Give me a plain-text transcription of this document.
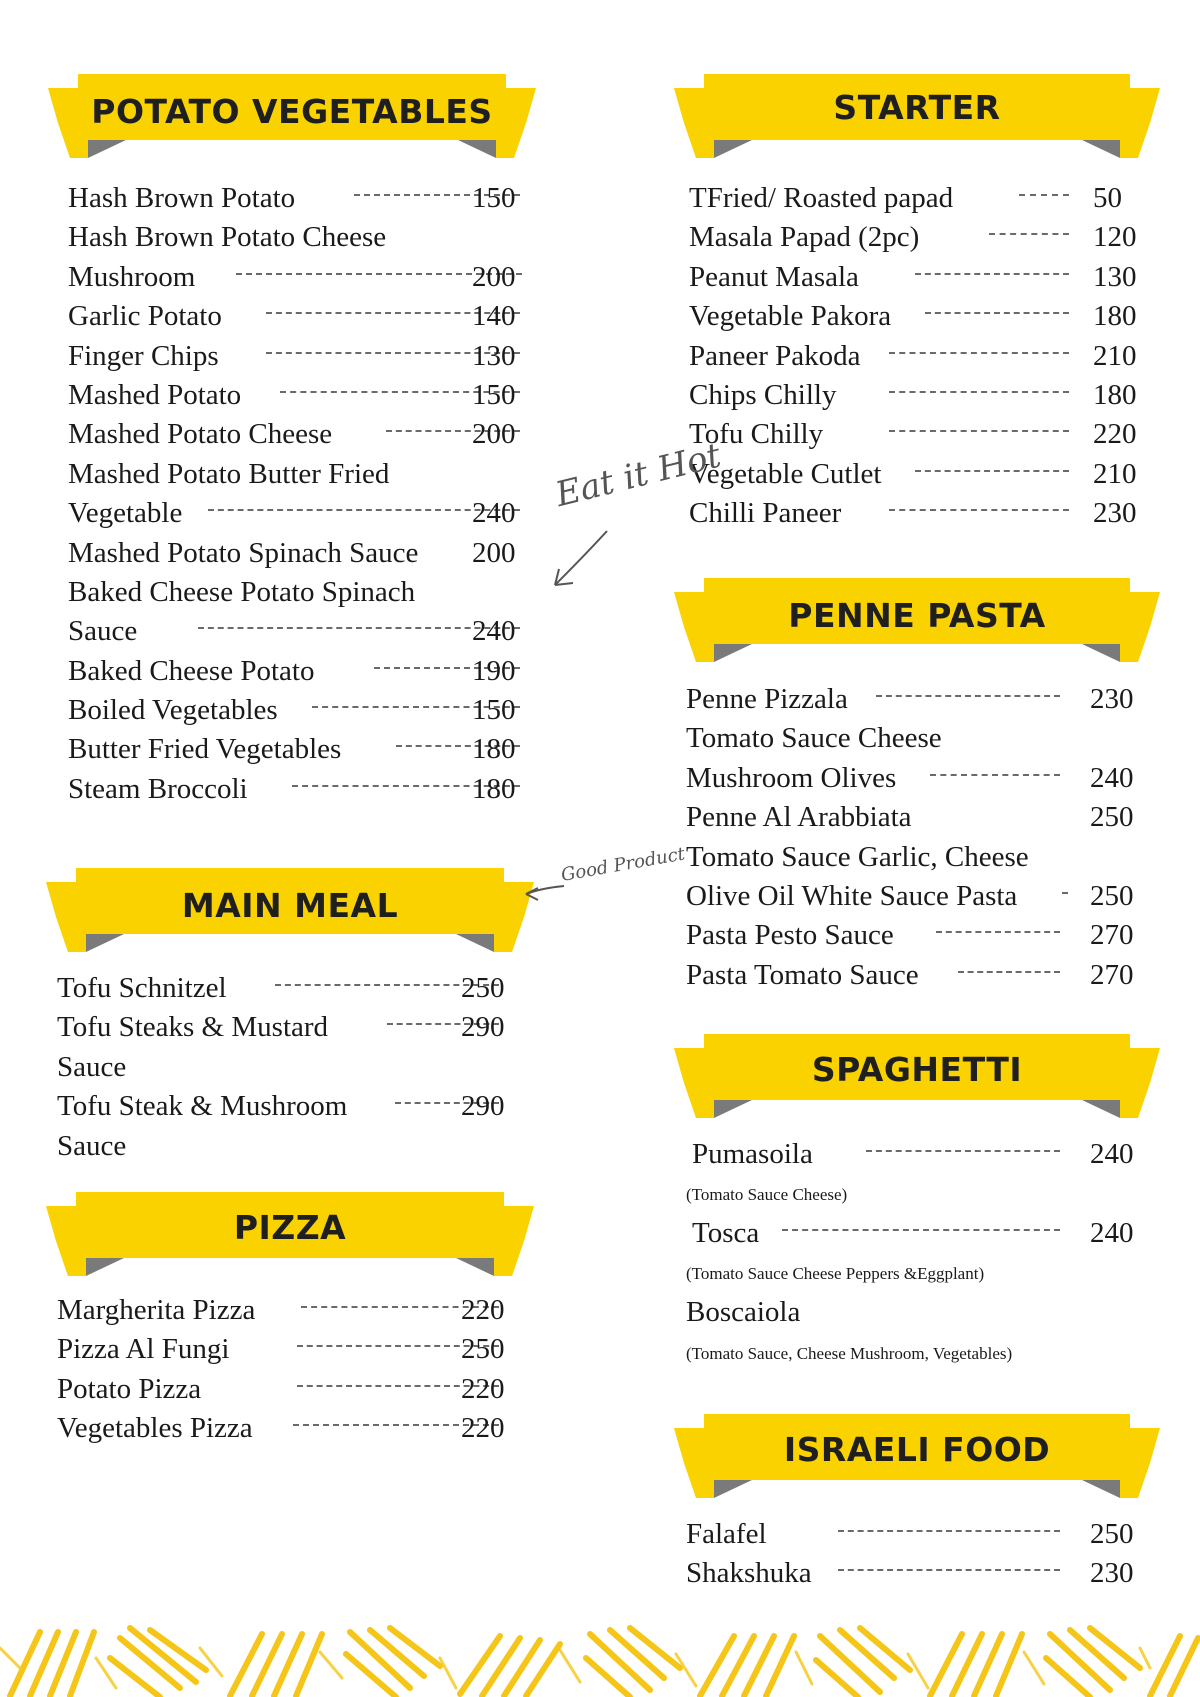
POTATO VEGETABLES	STARTER
PENNE PASTA
MAIN MEAL
SPAGHETTI
PIZZA
ISRAELI FOOD
Hash Brown Potato	150
Hash Brown Potato Cheese
Mushroom	200
Garlic Potato	140
Finger Chips	130
Mashed Potato	150
Mashed Potato Cheese	200
Mashed Potato Butter Fried
Vegetable	240
Mashed Potato Spinach Sauce 200
Baked Cheese Potato Spinach
Sauce	240
Baked Cheese Potato	190
Boiled Vegetables	150
Butter Fried Vegetables	180
Steam Broccoli	180
Tofu Schnitzel	250
Tofu Steaks & Mustard	290
Sauce
Tofu Steak & Mushroom	290
Sauce
Margherita Pizza	220
Pizza Al Fungi	250
Potato Pizza	220
Vegetables Pizza	220
TFried/ Roasted papad	50
Masala Papad (2pc)	120
Peanut Masala	130
Vegetable Pakora	180
Paneer Pakoda	210
Chips Chilly	180
Tofu Chilly	220
Vegetable Cutlet	210
Chilli Paneer	230
Penne Pizzala	230
Tomato Sauce Cheese
Mushroom Olives	240
Penne Al Arabbiata	250
Tomato Sauce Garlic, Cheese
Olive Oil White Sauce Pasta	250
Pasta Pesto Sauce	270
Pasta Tomato Sauce	270
Pumasoila	240
(Tomato Sauce Cheese)
Tosca	240
(Tomato Sauce Cheese Peppers &Eggplant)
Boscaiola
(Tomato Sauce, Cheese Mushroom, Vegetables)
Falafel	250
Shakshuka	230
Eat it Hot
Good Product
